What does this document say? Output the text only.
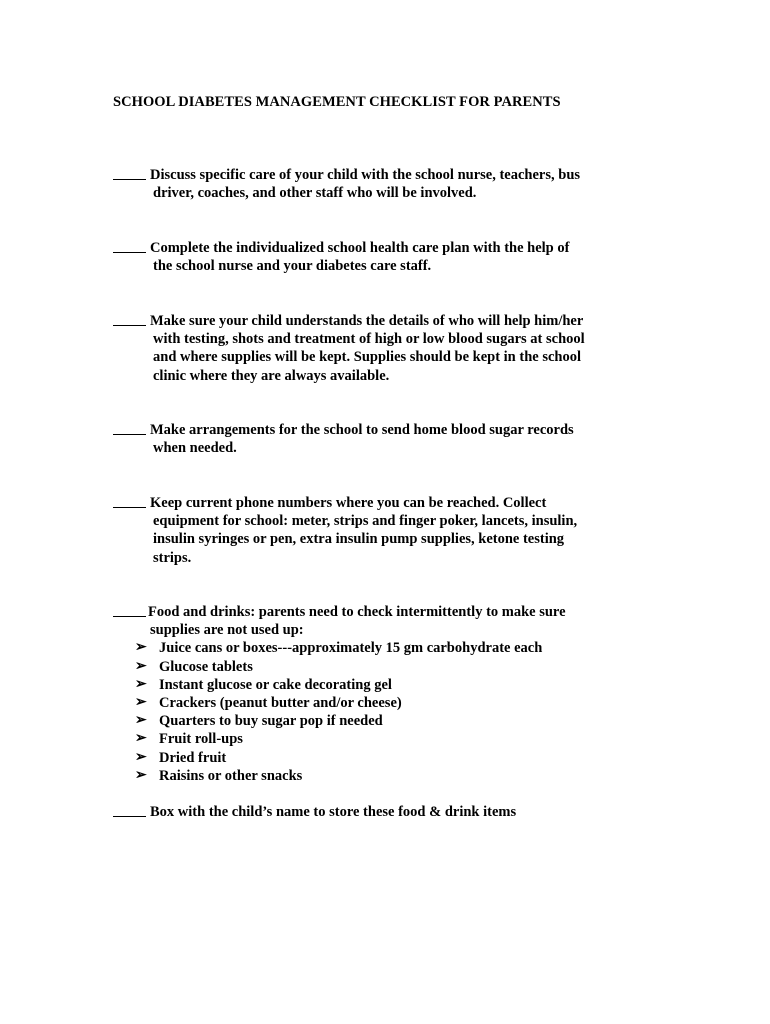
SCHOOL DIABETES MANAGEMENT CHECKLIST FOR PARENTS
Discuss specific care of your child with the school nurse, teachers, bus
driver, coaches, and other staff who will be involved.
Complete the individualized school health care plan with the help of
the school nurse and your diabetes care staff.
Make sure your child understands the details of who will help him/her
with testing, shots and treatment of high or low blood sugars at school
and where supplies will be kept. Supplies should be kept in the school
clinic where they are always available.
Make arrangements for the school to send home blood sugar records
when needed.
Keep current phone numbers where you can be reached. Collect
equipment for school: meter, strips and finger poker, lancets, insulin,
insulin syringes or pen, extra insulin pump supplies, ketone testing
strips.
Food and drinks: parents need to check intermittently to make sure
supplies are not used up:
➢ Juice cans or boxes---approximately 15 gm carbohydrate each
➢ Glucose tablets
➢ Instant glucose or cake decorating gel
➢ Crackers (peanut butter and/or cheese)
➢ Quarters to buy sugar pop if needed
➢ Fruit roll-ups
➢ Dried fruit
➢ Raisins or other snacks
Box with the child’s name to store these food & drink items
